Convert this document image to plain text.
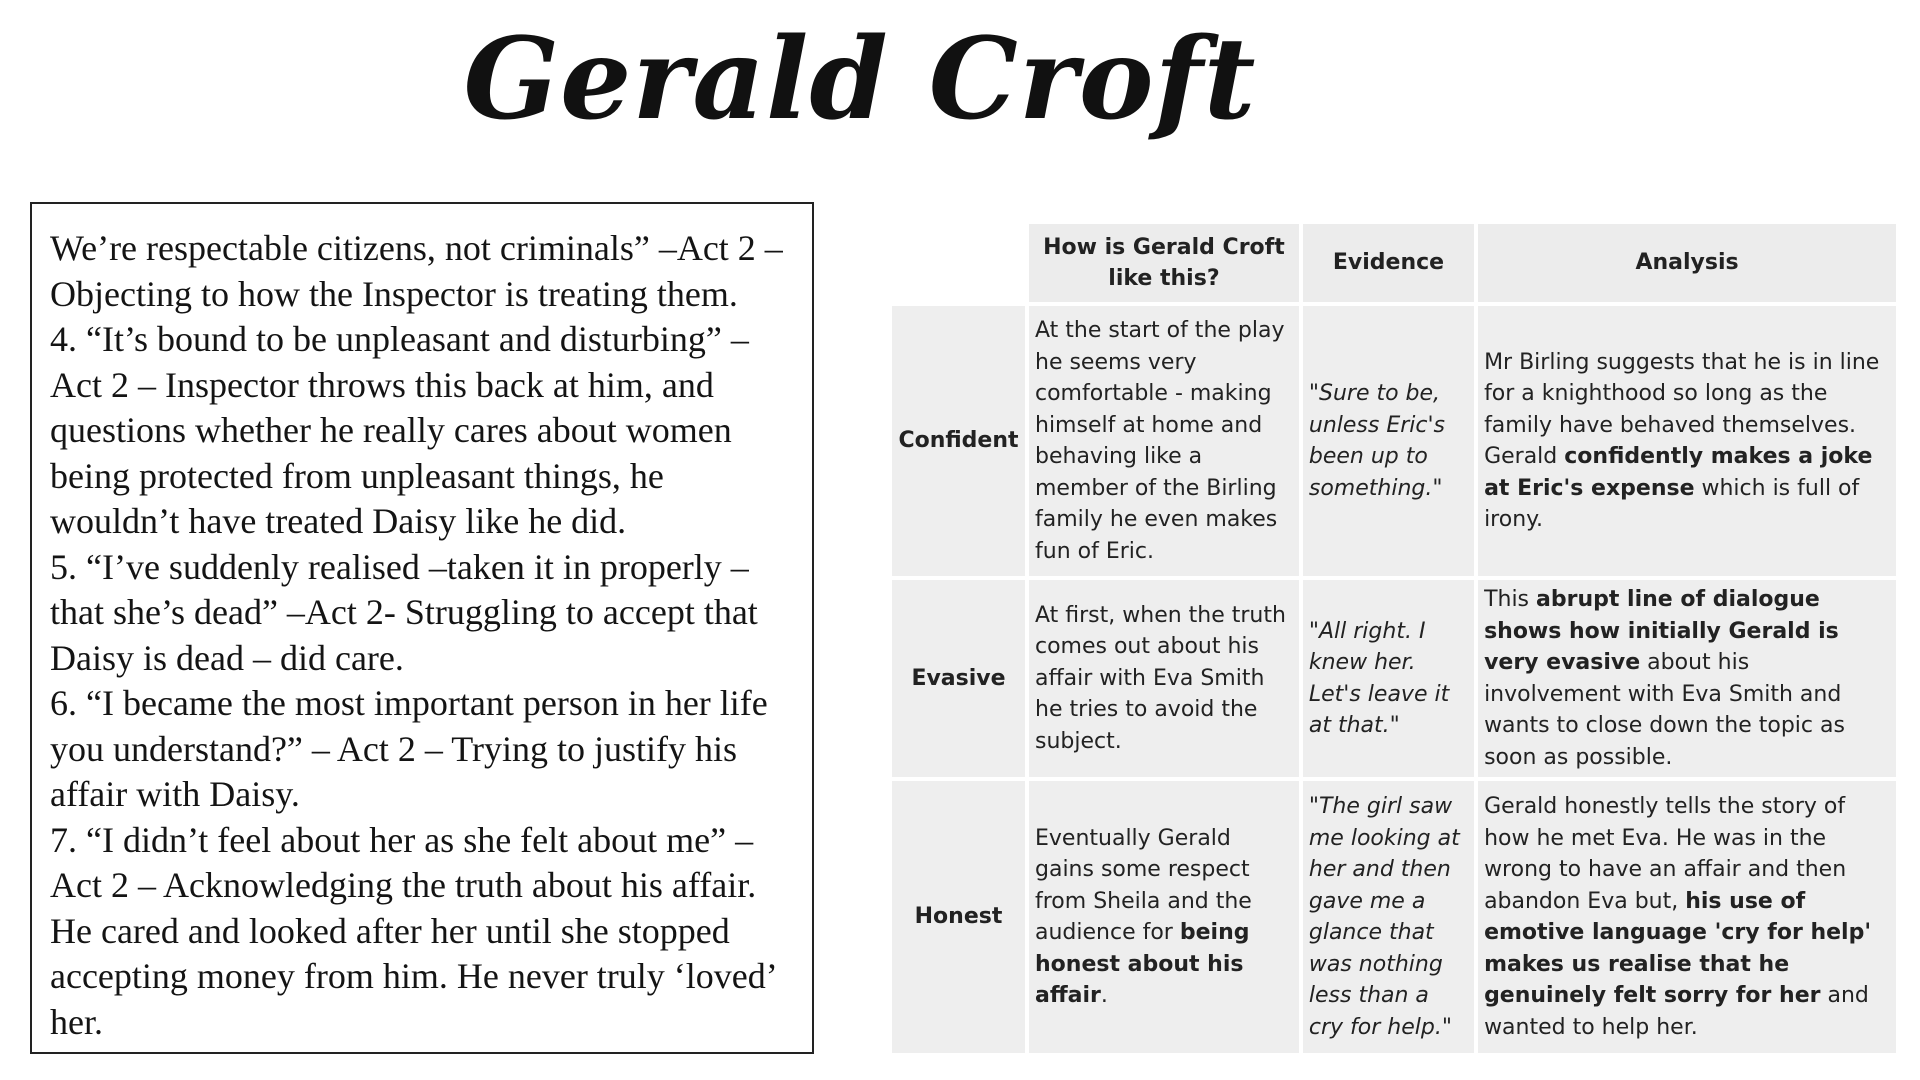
Gerald Croft

We’re respectable citizens, not criminals” –Act 2 – Objecting to how the Inspector is treating them.

4. “It’s bound to be unpleasant and disturbing” – Act 2 – Inspector throws this back at him, and questions whether he really cares about women being protected from unpleasant things, he wouldn’t have treated Daisy like he did.

5. “I’ve suddenly realised –taken it in properly –that she’s dead” –Act 2- Struggling to accept that Daisy is dead – did care.

6. “I became the most important person in her life you understand?” – Act 2 – Trying to justify his affair with Daisy.

7. “I didn’t feel about her as she felt about me” – Act 2 – Acknowledging the truth about his affair. He cared and looked after her until she stopped accepting money from him. He never truly ‘loved’ her.

	How is Gerald Croft like this?	Evidence	Analysis
Confident	At the start of the play he seems very comfortable - making himself at home and behaving like a member of the Birling family he even makes fun of Eric.	"Sure to be, unless Eric's been up to something."	Mr Birling suggests that he is in line for a knighthood so long as the family have behaved themselves. Gerald confidently makes a joke at Eric's expense which is full of irony.
Evasive	At first, when the truth comes out about his affair with Eva Smith he tries to avoid the subject.	"All right. I knew her. Let's leave it at that."	This abrupt line of dialogue shows how initially Gerald is very evasive about his involvement with Eva Smith and wants to close down the topic as soon as possible.
Honest	Eventually Gerald gains some respect from Sheila and the audience for being honest about his affair.	"The girl saw me looking at her and then gave me a glance that was nothing less than a cry for help."	Gerald honestly tells the story of how he met Eva. He was in the wrong to have an affair and then abandon Eva but, his use of emotive language 'cry for help' makes us realise that he genuinely felt sorry for her and wanted to help her.
